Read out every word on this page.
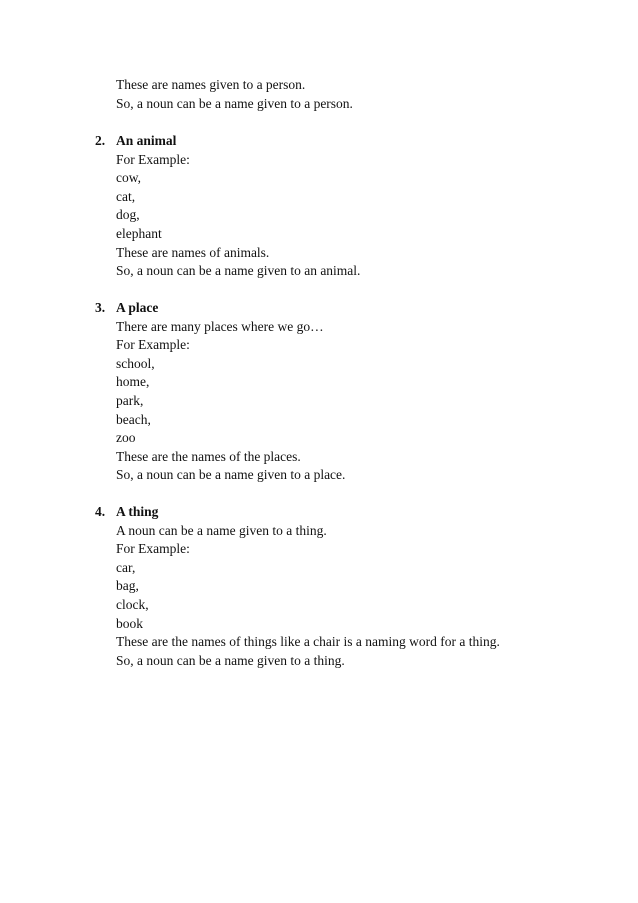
These are names given to a person.
So, a noun can be a name given to a person.
2. An animal
For Example:
cow,
cat,
dog,
elephant
These are names of animals.
So, a noun can be a name given to an animal.
3. A place
There are many places where we go…
For Example:
school,
home,
park,
beach,
zoo
These are the names of the places.
So, a noun can be a name given to a place.
4. A thing
A noun can be a name given to a thing.
For Example:
car,
bag,
clock,
book
These are the names of things like a chair is a naming word for a thing.
So, a noun can be a name given to a thing.
